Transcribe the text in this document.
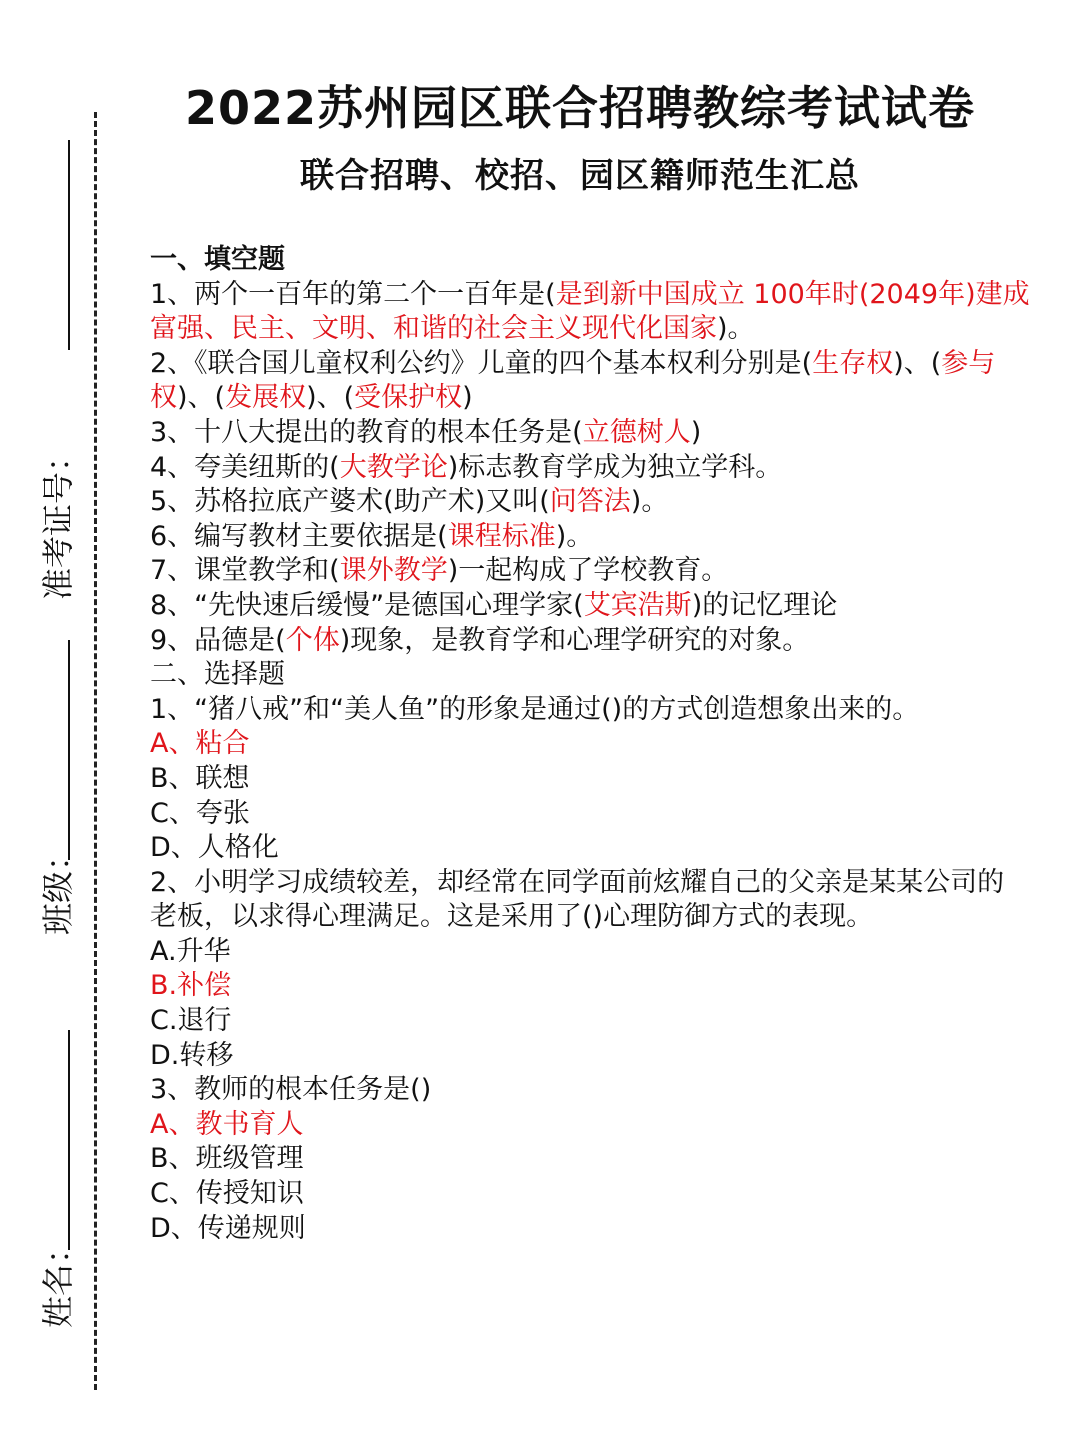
准考证号：
班级：
姓名：
2022苏州园区联合招聘教综考试试卷
联合招聘、校招、园区籍师范生汇总
一、填空题
1、两个一百年的第二个一百年是(是到新中国成立 100年时(2049年)建成富强、民主、文明、和谐的社会主义现代化国家)。
2、《联合国儿童权利公约》儿童的四个基本权利分别是(生存权)、(参与权)、(发展权)、(受保护权)
3、十八大提出的教育的根本任务是(立德树人)
4、夸美纽斯的(大教学论)标志教育学成为独立学科。
5、苏格拉底产婆术(助产术)又叫(问答法)。
6、编写教材主要依据是(课程标准)。
7、课堂教学和(课外教学)一起构成了学校教育。
8、“先快速后缓慢”是德国心理学家(艾宾浩斯)的记忆理论
9、品德是(个体)现象，是教育学和心理学研究的对象。
二、选择题
1、“猪八戒”和“美人鱼”的形象是通过()的方式创造想象出来的。
A、粘合
B、联想
C、夸张
D、人格化
2、小明学习成绩较差，却经常在同学面前炫耀自己的父亲是某某公司的老板，以求得心理满足。这是采用了()心理防御方式的表现。
A.升华
B.补偿
C.退行
D.转移
3、教师的根本任务是()
A、教书育人
B、班级管理
C、传授知识
D、传递规则
